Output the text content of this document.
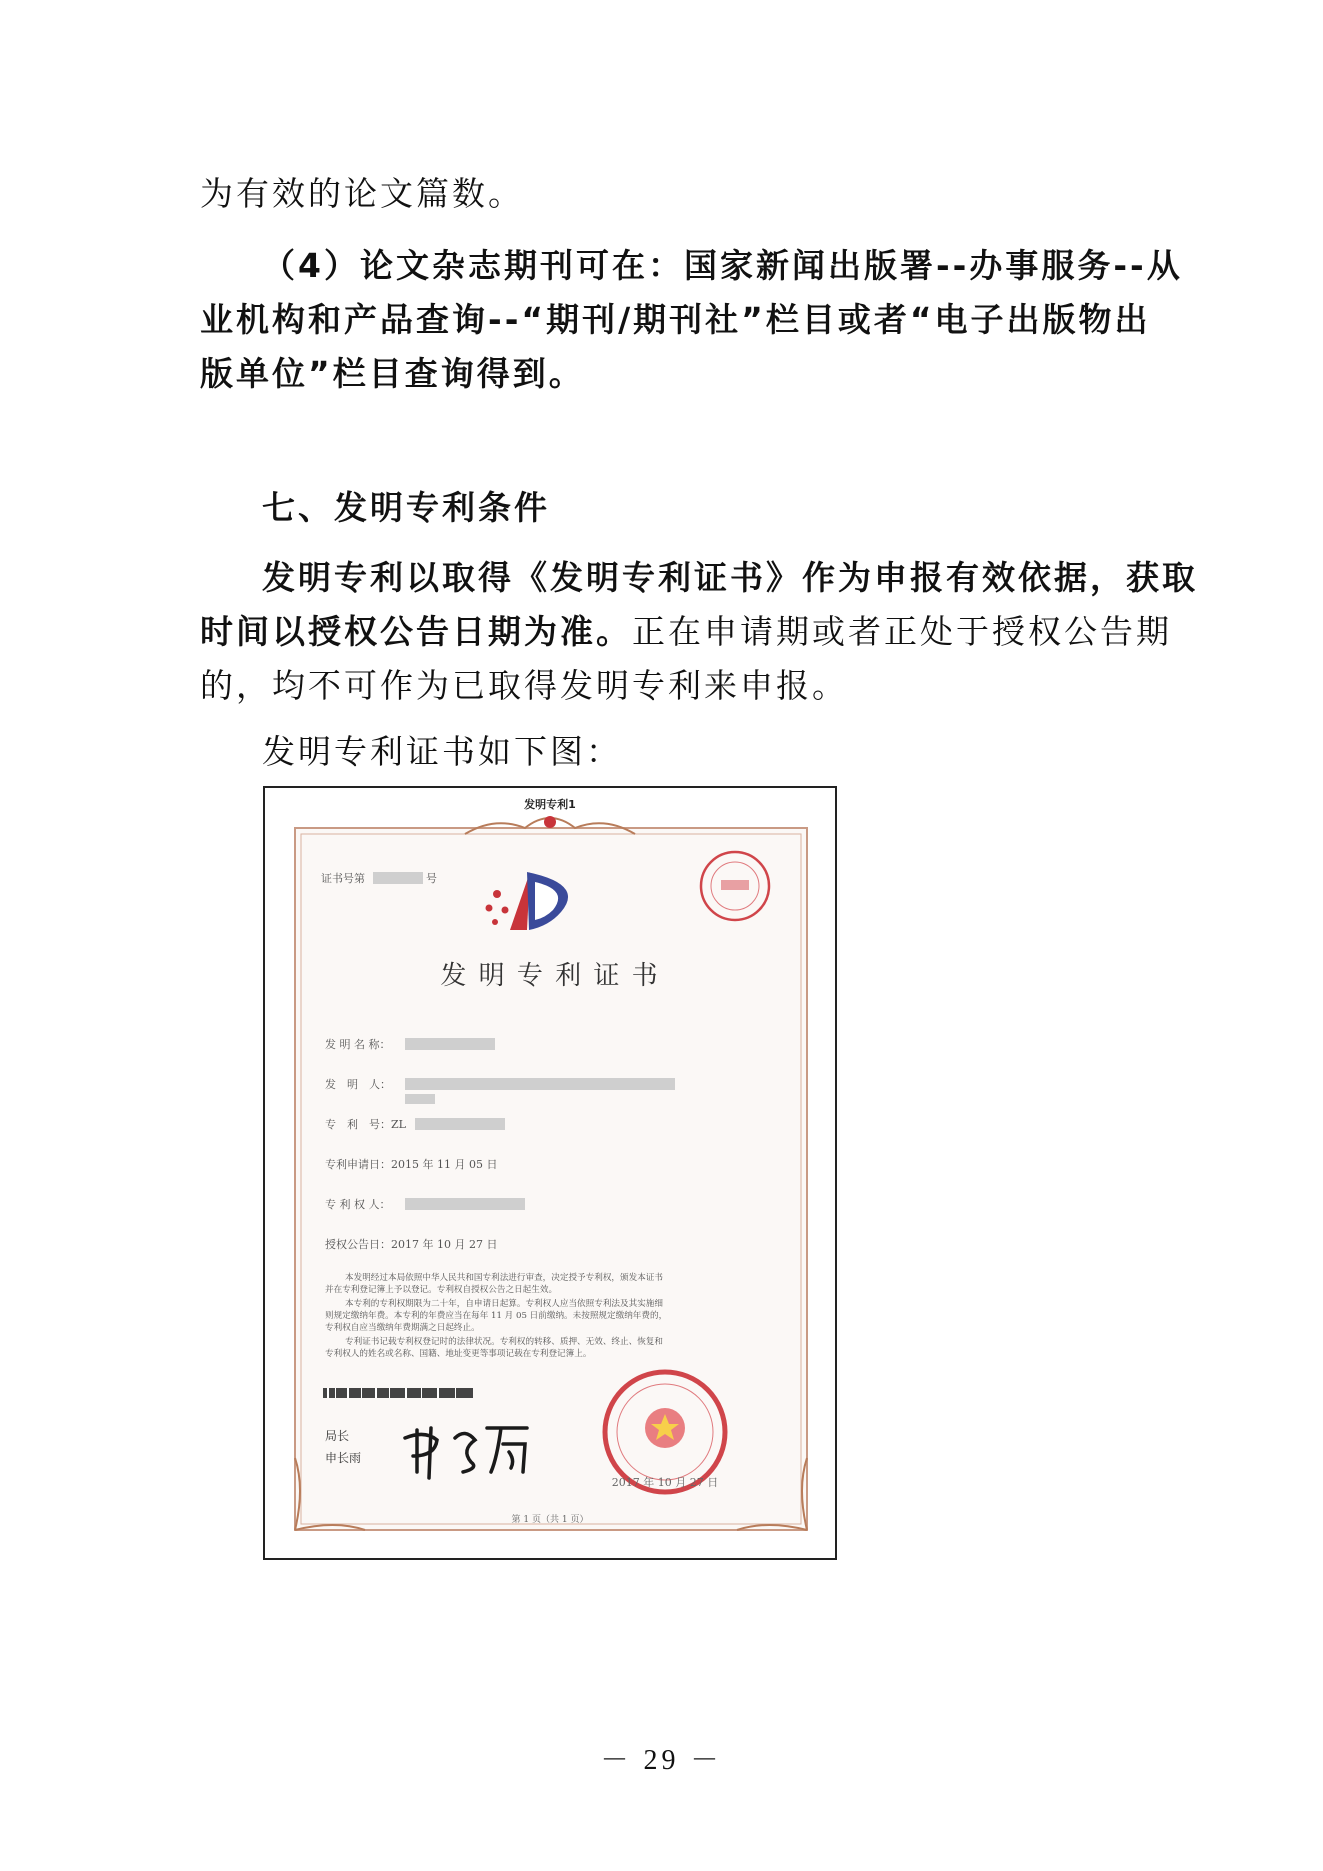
为有效的论文篇数。
（4）论文杂志期刊可在：国家新闻出版署--办事服务--从
业机构和产品查询--“期刊/期刊社”栏目或者“电子出版物出
版单位”栏目查询得到。
七、发明专利条件
发明专利以取得《发明专利证书》作为申报有效依据，获取
时间以授权公告日期为准。正在申请期或者正处于授权公告期
的，均不可作为已取得发明专利来申报。
发明专利证书如下图：
发明专利1
证书号第	号
发 明 专 利 证 书
发 明 名 称：
发　明　人：
专　利　号：ZL
专利申请日：2015 年 11 月 05 日
专 利 权 人：
授权公告日：2017 年 10 月 27 日
本发明经过本局依照中华人民共和国专利法进行审查，决定授予专利权，颁发本证书
并在专利登记簿上予以登记。专利权自授权公告之日起生效。
本专利的专利权期限为二十年，自申请日起算。专利权人应当依照专利法及其实施细
则规定缴纳年费。本专利的年费应当在每年 11 月 05 日前缴纳。未按照规定缴纳年费的，
专利权自应当缴纳年费期满之日起终止。
专利证书记载专利权登记时的法律状况。专利权的转移、质押、无效、终止、恢复和
专利权人的姓名或名称、国籍、地址变更等事项记载在专利登记簿上。
局长
申长雨
2017 年 10 月 27 日
第 1 页（共 1 页）
－ 29 －
